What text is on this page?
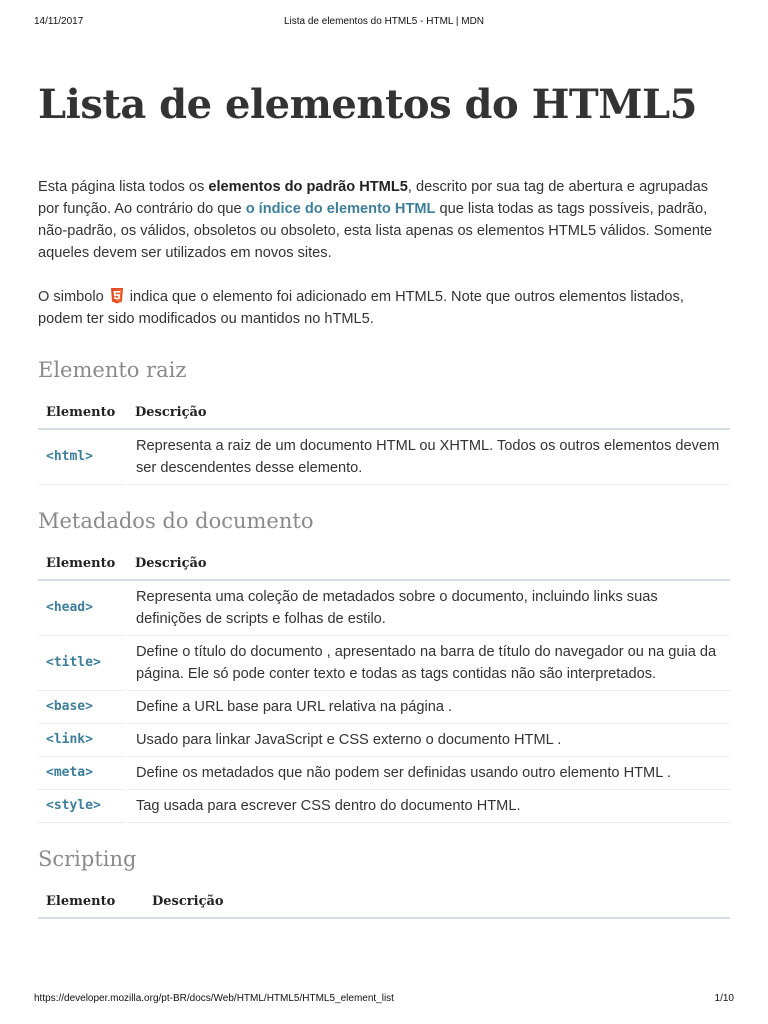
14/11/2017	Lista de elementos do HTML5 - HTML | MDN
Lista de elementos do HTML5

Esta página lista todos os elementos do padrão HTML5, descrito por sua tag de abertura e agrupadas por função. Ao contrário do que o índice do elemento HTML que lista todas as tags possíveis, padrão, não-padrão, os válidos, obsoletos ou obsoleto, esta lista apenas os elementos HTML5 válidos. Somente aqueles devem ser utilizados em novos sites.

O simbolo  indica que o elemento foi adicionado em HTML5. Note que outros elementos listados, podem ter sido modificados ou mantidos no hTML5.

Elemento raiz
Elemento	Descrição
<html>	Representa a raiz de um documento HTML ou XHTML. Todos os outros elementos devem ser descendentes desse elemento.
Metadados do documento
Elemento	Descrição
<head>	Representa uma coleção de metadados sobre o documento, incluindo links suas definições de scripts e folhas de estilo.
<title>	Define o título do documento , apresentado na barra de título do navegador ou na guia da página. Ele só pode conter texto e todas as tags contidas não são interpretados.
<base>	Define a URL base para URL relativa na página .
<link>	Usado para linkar JavaScript e CSS externo o documento HTML .
<meta>	Define os metadados que não podem ser definidas usando outro elemento HTML .
<style>	Tag usada para escrever CSS dentro do documento HTML.
Scripting
Elemento	Descrição
https://developer.mozilla.org/pt-BR/docs/Web/HTML/HTML5/HTML5_element_list	1/10
